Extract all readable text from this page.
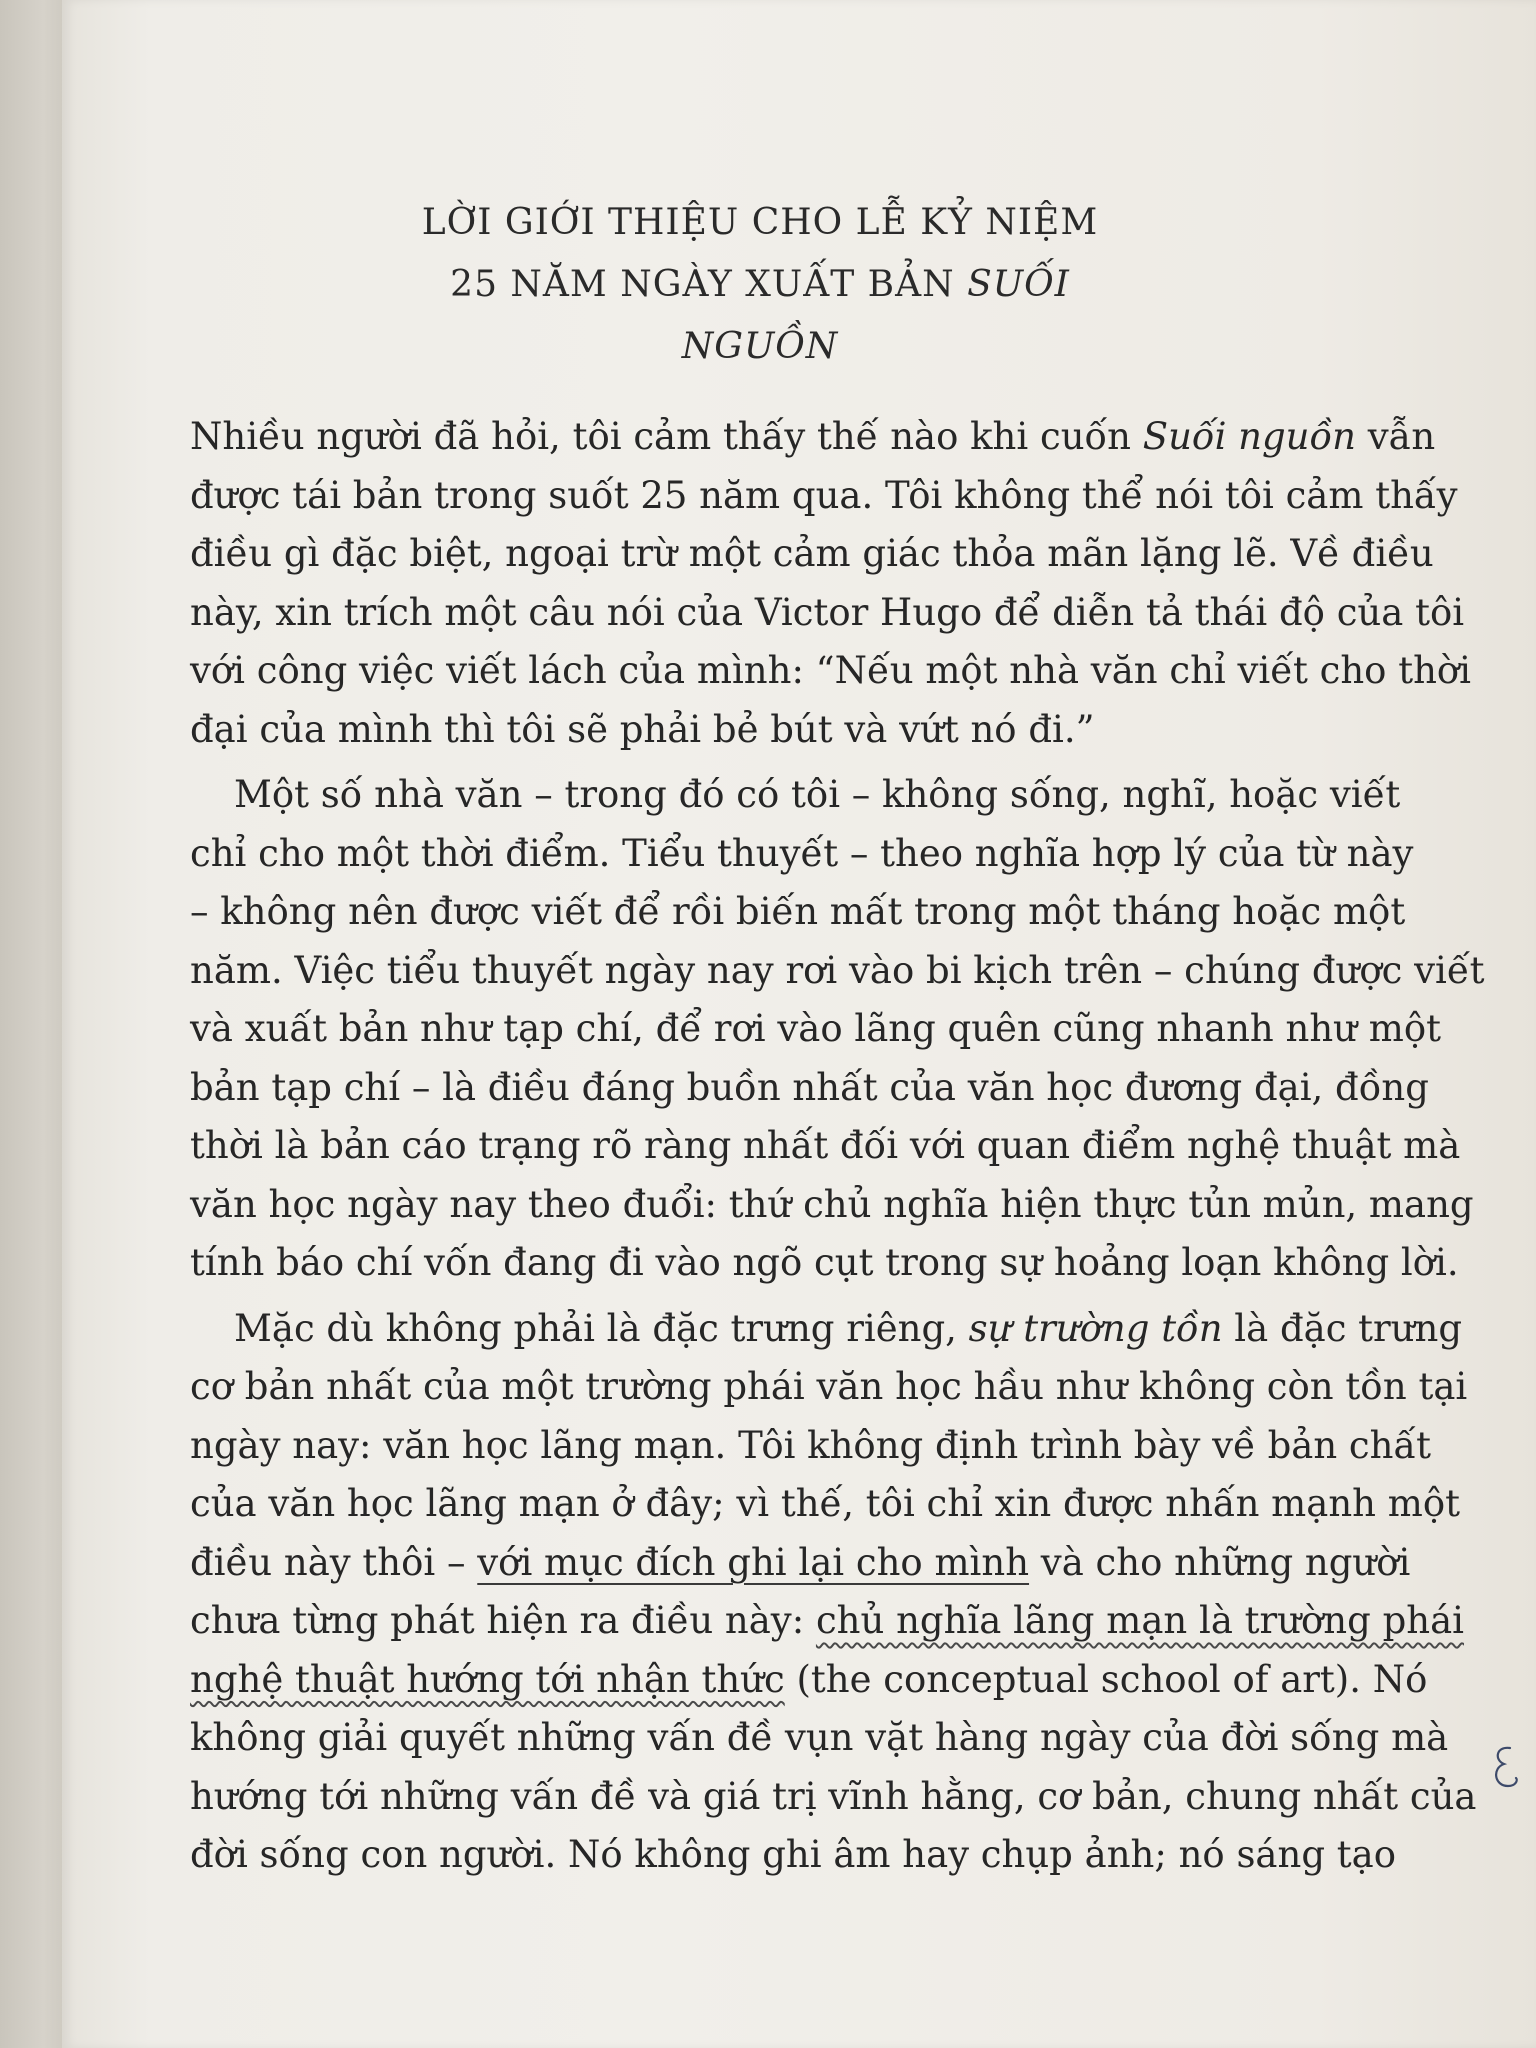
LỜI GIỚI THIỆU CHO LỄ KỶ NIỆM
25 NĂM NGÀY XUẤT BẢN SUỐI NGUỒN
Nhiều người đã hỏi, tôi cảm thấy thế nào khi cuốn Suối nguồn vẫn
được tái bản trong suốt 25 năm qua. Tôi không thể nói tôi cảm thấy
điều gì đặc biệt, ngoại trừ một cảm giác thỏa mãn lặng lẽ. Về điều
này, xin trích một câu nói của Victor Hugo để diễn tả thái độ của tôi
với công việc viết lách của mình: “Nếu một nhà văn chỉ viết cho thời
đại của mình thì tôi sẽ phải bẻ bút và vứt nó đi.”
Một số nhà văn – trong đó có tôi – không sống, nghĩ, hoặc viết
chỉ cho một thời điểm. Tiểu thuyết – theo nghĩa hợp lý của từ này
– không nên được viết để rồi biến mất trong một tháng hoặc một
năm. Việc tiểu thuyết ngày nay rơi vào bi kịch trên – chúng được viết
và xuất bản như tạp chí, để rơi vào lãng quên cũng nhanh như một
bản tạp chí – là điều đáng buồn nhất của văn học đương đại, đồng
thời là bản cáo trạng rõ ràng nhất đối với quan điểm nghệ thuật mà
văn học ngày nay theo đuổi: thứ chủ nghĩa hiện thực tủn mủn, mang
tính báo chí vốn đang đi vào ngõ cụt trong sự hoảng loạn không lời.
Mặc dù không phải là đặc trưng riêng, sự trường tồn là đặc trưng
cơ bản nhất của một trường phái văn học hầu như không còn tồn tại
ngày nay: văn học lãng mạn. Tôi không định trình bày về bản chất
của văn học lãng mạn ở đây; vì thế, tôi chỉ xin được nhấn mạnh một
điều này thôi – với mục đích ghi lại cho mình và cho những người
chưa từng phát hiện ra điều này: chủ nghĩa lãng mạn là trường phái
nghệ thuật hướng tới nhận thức (the conceptual school of art). Nó
không giải quyết những vấn đề vụn vặt hàng ngày của đời sống mà
hướng tới những vấn đề và giá trị vĩnh hằng, cơ bản, chung nhất của
đời sống con người. Nó không ghi âm hay chụp ảnh; nó sáng tạo
